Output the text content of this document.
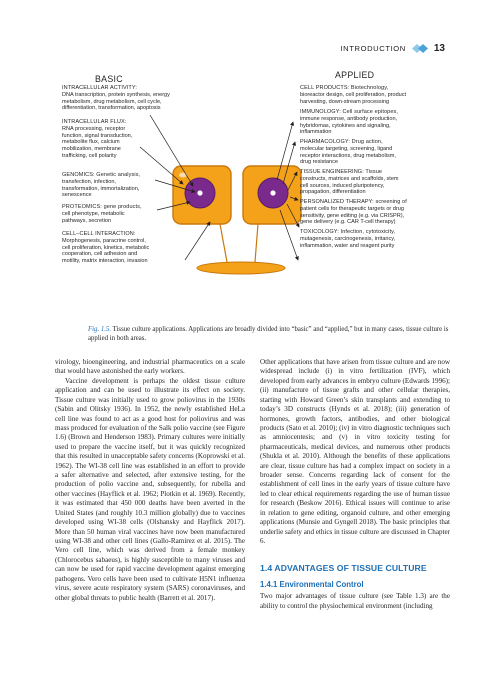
INTRODUCTION	13
BASIC	APPLIED
INTRACELLULAR ACTIVITY:
DNA transcription, protein synthesis, energy
metabolism, drug metabolism, cell cycle,
differentiation, transformation, apoptosis
INTRACELLULAR FLUX:
RNA processing, receptor
function, signal transduction,
metabolite flux, calcium
mobilization, membrane
trafficking, cell polarity
GENOMICS: Genetic analysis,
transfection, infection,
transformation, immortalization,
senescence
PROTEOMICS: gene products,
cell phenotype, metabolic
pathways, secretion
CELL–CELL INTERACTION:
Morphogenesis, paracrine control,
cell proliferation, kinetics, metabolic
cooperation, cell adhesion and
motility, matrix interaction, invasion
CELL PRODUCTS: Biotechnology,
bioreactor design, cell proliferation, product
harvesting, down-stream processing
IMMUNOLOGY: Cell surface epitopes,
immune response, antibody production,
hybridomas, cytokines and signaling,
inflammation
PHARMACOLOGY: Drug action,
molecular targeting, screening, ligand
receptor interactions, drug metabolism,
drug resistance
TISSUE ENGINEERING: Tissue
constructs, matrices and scaffolds, stem
cell sources, induced pluripotency,
propagation, differentiation
PERSONALIZED THERAPY: screening of
patient cells for therapeutic targets or drug
sensitivity, gene editing (e.g. via CRISPR),
gene delivery (e.g. CAR T-cell therapy)
TOXICOLOGY: Infection, cytotoxicity,
mutagenesis, carcinogenesis, irritancy,
inflammation, water and reagent purity
Fig. 1.5. Tissue culture applications. Applications are broadly divided into “basic” and “applied,” but in many cases, tissue culture is applied in both areas.

virology, bioengineering, and industrial pharmaceutics on a scale that would have astonished the early workers.

Vaccine development is perhaps the oldest tissue culture application and can be used to illustrate its effect on society. Tissue culture was initially used to grow poliovirus in the 1930s (Sabin and Olitsky 1936). In 1952, the newly established HeLa cell line was found to act as a good host for poliovirus and was mass produced for evaluation of the Salk polio vaccine (see Figure 1.6) (Brown and Henderson 1983). Primary cultures were initially used to prepare the vaccine itself, but it was quickly recognized that this resulted in unacceptable safety concerns (Koprowski et al. 1962). The WI-38 cell line was established in an effort to provide a safer alternative and selected, after extensive testing, for the production of polio vaccine and, subsequently, for rubella and other vaccines (Hayflick et al. 1962; Plotkin et al. 1969). Recently, it was estimated that 450 000 deaths have been averted in the United States (and roughly 10.3 million globally) due to vaccines developed using WI-38 cells (Olshansky and Hayflick 2017). More than 50 human viral vaccines have now been manufactured using WI-38 and other cell lines (Gallo-Ramirez et al. 2015). The Vero cell line, which was derived from a female monkey (Chlorocebus sabaeus), is highly susceptible to many viruses and can now be used for rapid vaccine development against emerging pathogens. Vero cells have been used to cultivate H5N1 influenza virus, severe acute respiratory system (SARS) coronaviruses, and other global threats to public health (Barrett et al. 2017).

Other applications that have arisen from tissue culture and are now widespread include (i) in vitro fertilization (IVF), which developed from early advances in embryo culture (Edwards 1996); (ii) manufacture of tissue grafts and other cellular therapies, starting with Howard Green’s skin transplants and extending to today’s 3D constructs (Hynds et al. 2018); (iii) generation of hormones, growth factors, antibodies, and other biological products (Sato et al. 2010); (iv) in vitro diagnostic techniques such as amniocentesis; and (v) in vitro toxicity testing for pharmaceuticals, medical devices, and numerous other products (Shukla et al. 2010). Although the benefits of these applications are clear, tissue culture has had a complex impact on society in a broader sense. Concerns regarding lack of consent for the establishment of cell lines in the early years of tissue culture have led to clear ethical requirements regarding the use of human tissue for research (Beskow 2016). Ethical issues will continue to arise in relation to gene editing, organoid culture, and other emerging applications (Munsie and Gyngell 2018). The basic principles that underlie safety and ethics in tissue culture are discussed in Chapter 6.

1.4 ADVANTAGES OF TISSUE CULTURE

1.4.1 Environmental Control

Two major advantages of tissue culture (see Table 1.3) are the ability to control the physiochemical environment (including
